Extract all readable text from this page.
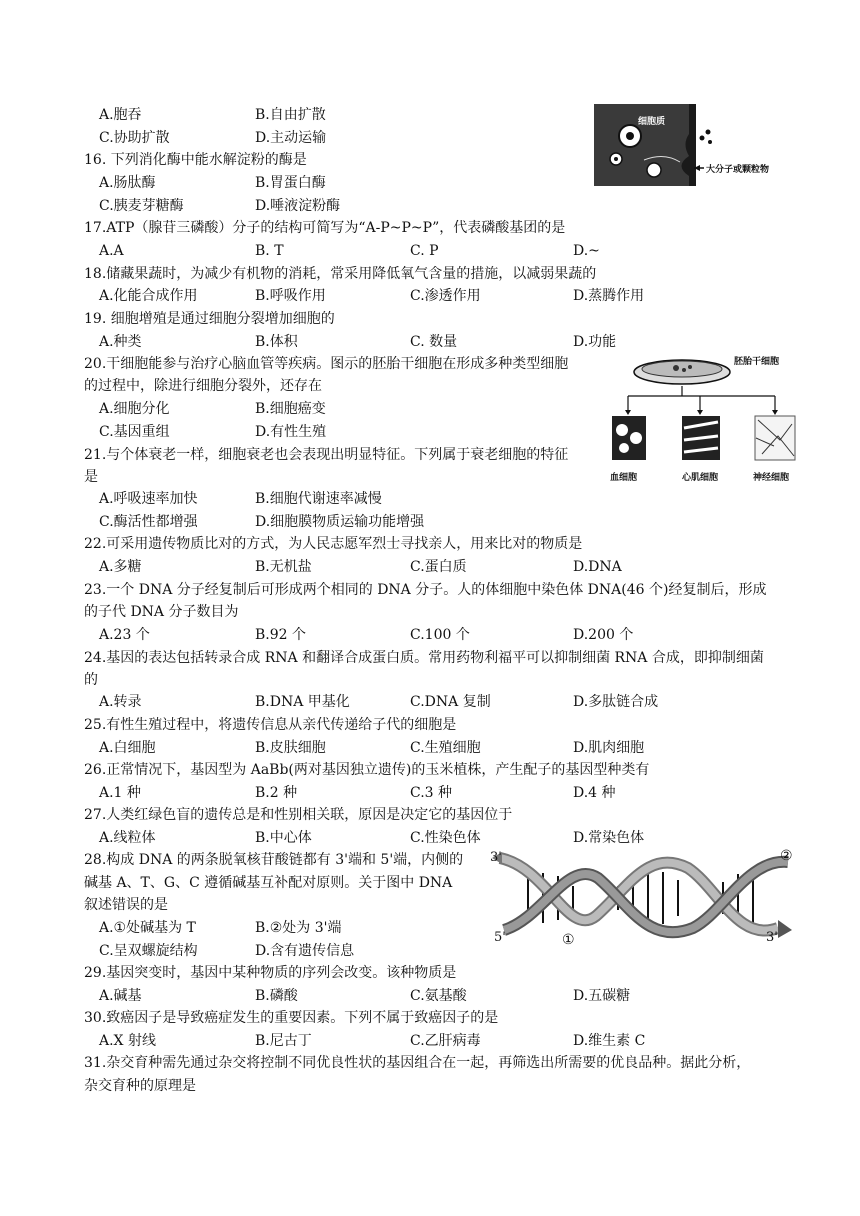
A.胞吞	B.自由扩散
C.协助扩散	D.主动运输
细胞质
大分子或颗粒物
16. 下列消化酶中能水解淀粉的酶是
A.肠肽酶	B.胃蛋白酶
C.胰麦芽糖酶	D.唾液淀粉酶
17.ATP（腺苷三磷酸）分子的结构可简写为“A-P~P~P”，代表磷酸基团的是
A.A	B. T	C. P	D.~
18.储藏果蔬时，为减少有机物的消耗，常采用降低氧气含量的措施，以减弱果蔬的
A.化能合成作用	B.呼吸作用	C.渗透作用	D.蒸腾作用
19. 细胞增殖是通过细胞分裂增加细胞的
A.种类	B.体积	C. 数量	D.功能
20.干细胞能参与治疗心脑血管等疾病。图示的胚胎干细胞在形成多种类型细胞
的过程中，除进行细胞分裂外，还存在
A.细胞分化	B.细胞癌变
C.基因重组	D.有性生殖
胚胎干细胞
血细胞	心肌细胞	神经细胞
21.与个体衰老一样，细胞衰老也会表现出明显特征。下列属于衰老细胞的特征
是
A.呼吸速率加快	B.细胞代谢速率减慢
C.酶活性都增强	D.细胞膜物质运输功能增强
22.可采用遗传物质比对的方式，为人民志愿军烈士寻找亲人，用来比对的物质是
A.多糖	B.无机盐	C.蛋白质	D.DNA
23.一个 DNA 分子经复制后可形成两个相同的 DNA 分子。人的体细胞中染色体 DNA(46 个)经复制后，形成
的子代 DNA 分子数目为
A.23 个	B.92 个	C.100 个	D.200 个
24.基因的表达包括转录合成 RNA 和翻译合成蛋白质。常用药物利福平可以抑制细菌 RNA 合成，即抑制细菌
的
A.转录	B.DNA 甲基化	C.DNA 复制	D.多肽链合成
25.有性生殖过程中，将遗传信息从亲代传递给子代的细胞是
A.白细胞	B.皮肤细胞	C.生殖细胞	D.肌肉细胞
26.正常情况下，基因型为 AaBb(两对基因独立遗传)的玉米植株，产生配子的基因型种类有
A.1 种	B.2 种	C.3 种	D.4 种
27.人类红绿色盲的遗传总是和性别相关联，原因是决定它的基因位于
A.线粒体	B.中心体	C.性染色体	D.常染色体
28.构成 DNA 的两条脱氧核苷酸链都有 3'端和 5'端，内侧的
碱基 A、T、G、C 遵循碱基互补配对原则。关于图中 DNA
叙述错误的是
A.①处碱基为 T	B.②处为 3'端
C.呈双螺旋结构	D.含有遗传信息
3'
5'	3'
①
②
29.基因突变时，基因中某种物质的序列会改变。该种物质是
A.碱基	B.磷酸	C.氨基酸	D.五碳糖
30.致癌因子是导致癌症发生的重要因素。下列不属于致癌因子的是
A.X 射线	B.尼古丁	C.乙肝病毒	D.维生素 C
31.杂交育种需先通过杂交将控制不同优良性状的基因组合在一起，再筛选出所需要的优良品种。据此分析，
杂交育种的原理是
